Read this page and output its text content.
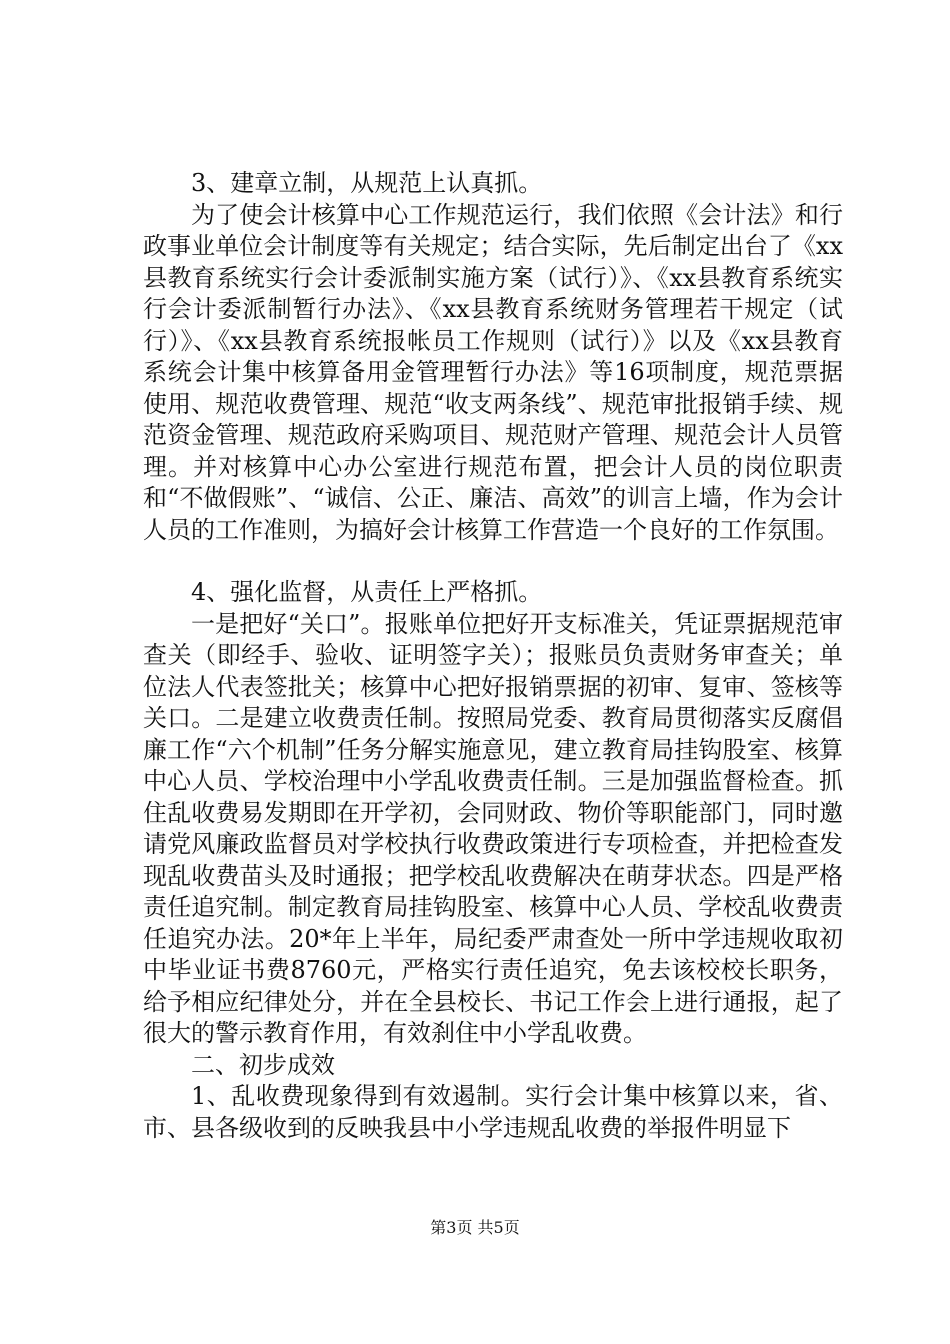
3、建章立制，从规范上认真抓。

为了使会计核算中心工作规范运行，我们依照《会计法》和行政事业单位会计制度等有关规定；结合实际，先后制定出台了《xx县教育系统实行会计委派制实施方案（试行）》、《xx县教育系统实行会计委派制暂行办法》、《xx县教育系统财务管理若干规定（试行）》、《xx县教育系统报帐员工作规则（试行）》以及《xx县教育系统会计集中核算备用金管理暂行办法》等16项制度，规范票据使用、规范收费管理、规范“收支两条线”、规范审批报销手续、规范资金管理、规范政府采购项目、规范财产管理、规范会计人员管理。并对核算中心办公室进行规范布置，把会计人员的岗位职责和“不做假账”、“诚信、公正、廉洁、高效”的训言上墙，作为会计人员的工作准则，为搞好会计核算工作营造一个良好的工作氛围。

4、强化监督，从责任上严格抓。

一是把好“关口”。报账单位把好开支标准关，凭证票据规范审查关（即经手、验收、证明签字关）；报账员负责财务审查关；单位法人代表签批关；核算中心把好报销票据的初审、复审、签核等关口。二是建立收费责任制。按照局党委、教育局贯彻落实反腐倡廉工作“六个机制”任务分解实施意见，建立教育局挂钩股室、核算中心人员、学校治理中小学乱收费责任制。三是加强监督检查。抓住乱收费易发期即在开学初，会同财政、物价等职能部门，同时邀请党风廉政监督员对学校执行收费政策进行专项检查，并把检查发现乱收费苗头及时通报；把学校乱收费解决在萌芽状态。四是严格责任追究制。制定教育局挂钩股室、核算中心人员、学校乱收费责任追究办法。20*年上半年，局纪委严肃查处一所中学违规收取初中毕业证书费8760元，严格实行责任追究，免去该校校长职务，给予相应纪律处分，并在全县校长、书记工作会上进行通报，起了很大的警示教育作用，有效刹住中小学乱收费。

二、初步成效

1、乱收费现象得到有效遏制。实行会计集中核算以来，省、市、县各级收到的反映我县中小学违规乱收费的举报件明显下

第3页 共5页
